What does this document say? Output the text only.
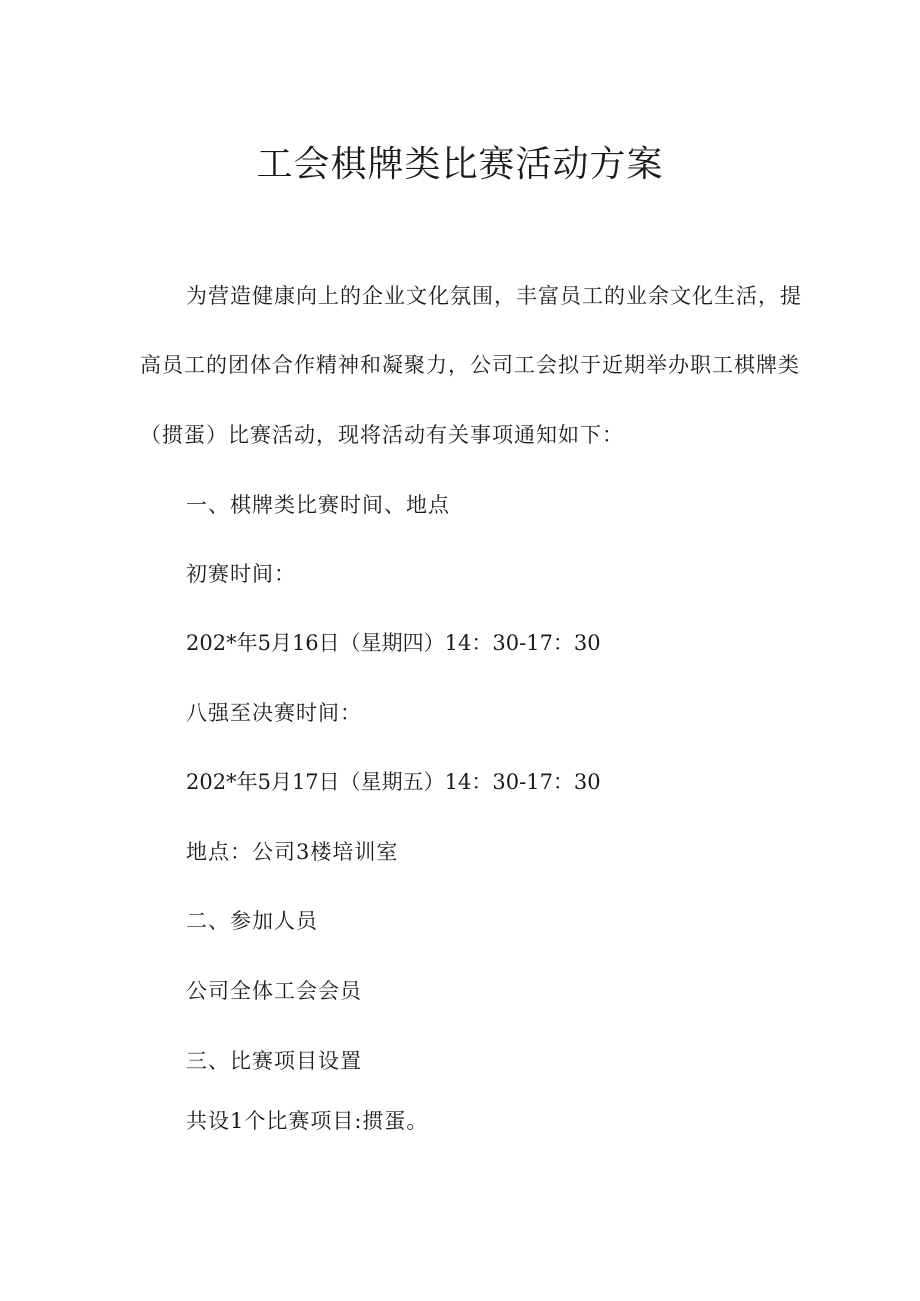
工会棋牌类比赛活动方案

为营造健康向上的企业文化氛围，丰富员工的业余文化生活，提

高员工的团体合作精神和凝聚力，公司工会拟于近期举办职工棋牌类

（掼蛋）比赛活动，现将活动有关事项通知如下：

一、棋牌类比赛时间、地点

初赛时间：

202*年5月16日（星期四）14：30-17：30

八强至决赛时间：

202*年5月17日（星期五）14：30-17：30

地点：公司3楼培训室

二、参加人员

公司全体工会会员

三、比赛项目设置

共设1个比赛项目:掼蛋。
